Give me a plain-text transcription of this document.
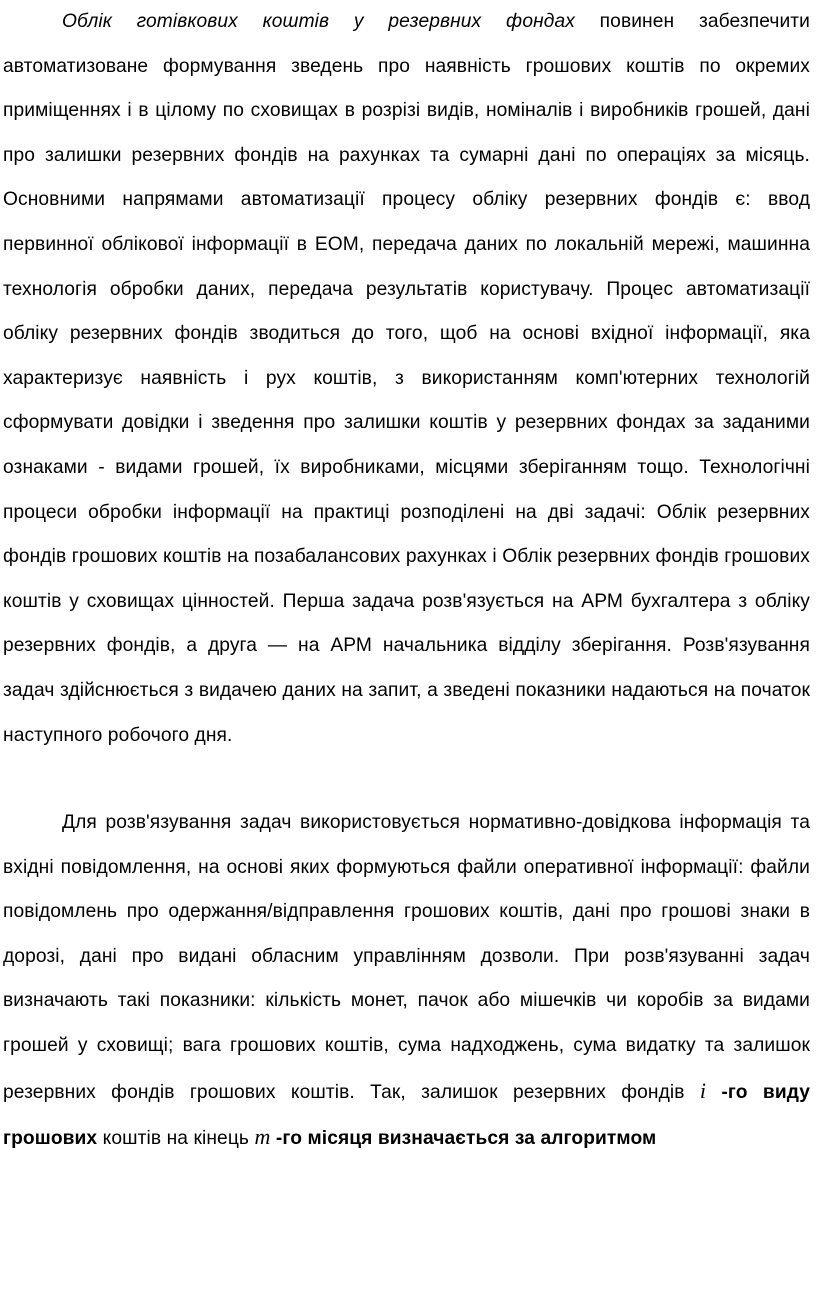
Облік готівкових коштів у резервних фондах повинен забезпечити автоматизоване формування зведень про наявність грошових коштів по окремих приміщеннях і в цілому по сховищах в розрізі видів, номіналів і виробників грошей, дані про залишки резервних фондів на рахунках та сумарні дані по операціях за місяць. Основними напрямами автоматизації процесу обліку резервних фондів є: ввод первинної облікової інформації в ЕОМ, передача даних по локальній мережі, машинна технологія обробки даних, передача результатів користувачу. Процес автоматизації обліку резервних фондів зводиться до того, щоб на основі вхідної інформації, яка характеризує наявність і рух коштів, з використанням комп'ютерних технологій сформувати довідки і зведення про залишки коштів у резервних фондах за заданими ознаками - видами грошей, їх виробниками, місцями зберіганням тощо. Технологічні процеси обробки інформації на практиці розподілені на дві задачі: Облік резервних фондів грошових коштів на позабалансових рахунках і Облік резервних фондів грошових коштів у сховищах цінностей. Перша задача розв'язується на АРМ бухгалтера з обліку резервних фондів, а друга — на АРМ начальника відділу зберігання. Розв'язування задач здійснюється з видачею даних на запит, а зведені показники надаються на початок наступного робочого дня.

Для розв'язування задач використовується нормативно-довідкова інформація та вхідні повідомлення, на основі яких формуються файли оперативної інформації: файли повідомлень про одержання/відправлення грошових коштів, дані про грошові знаки в дорозі, дані про видані обласним управлінням дозволи. При розв'язуванні задач визначають такі показники: кількість монет, пачок або мішечків чи коробів за видами грошей у сховищі; вага грошових коштів, сума надходжень, сума видатку та залишок резервних фондів грошових коштів. Так, залишок резервних фондів i -го виду грошових коштів на кінець m -го місяця визначається за алгоритмом
